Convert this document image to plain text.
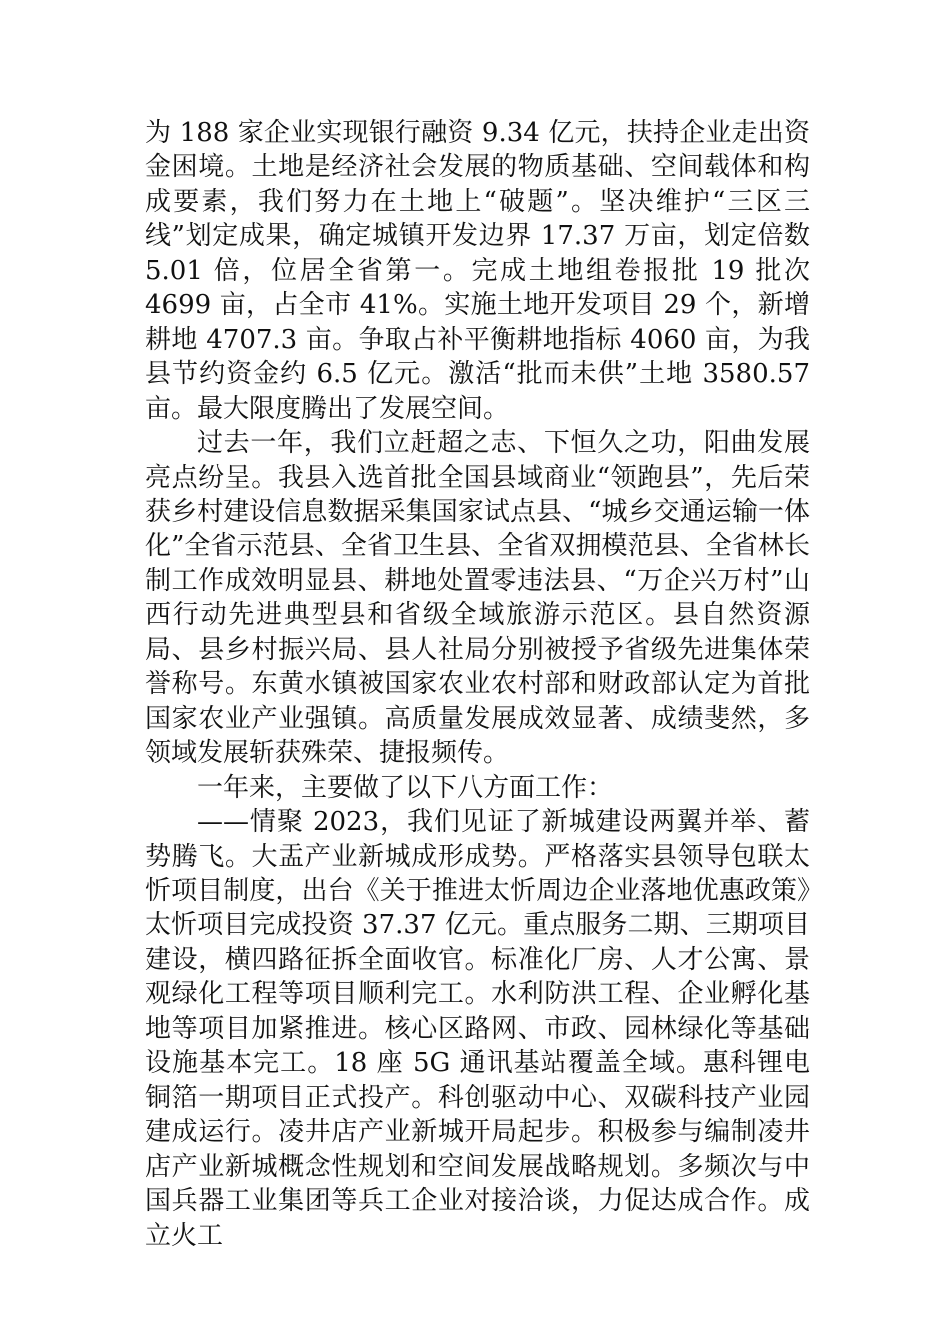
为 188 家企业实现银行融资 9.34 亿元，扶持企业走出资金困境。土地是经济社会发展的物质基础、空间载体和构成要素，我们努力在土地上“破题”。坚决维护“三区三线”划定成果，确定城镇开发边界 17.37 万亩，划定倍数 5.01 倍，位居全省第一。完成土地组卷报批 19 批次 4699 亩，占全市 41%。实施土地开发项目 29 个，新增耕地 4707.3 亩。争取占补平衡耕地指标 4060 亩，为我县节约资金约 6.5 亿元。激活“批而未供”土地 3580.57 亩。最大限度腾出了发展空间。

过去一年，我们立赶超之志、下恒久之功，阳曲发展亮点纷呈。我县入选首批全国县域商业“领跑县”，先后荣获乡村建设信息数据采集国家试点县、“城乡交通运输一体化”全省示范县、全省卫生县、全省双拥模范县、全省林长制工作成效明显县、耕地处置零违法县、“万企兴万村”山西行动先进典型县和省级全域旅游示范区。县自然资源局、县乡村振兴局、县人社局分别被授予省级先进集体荣誉称号。东黄水镇被国家农业农村部和财政部认定为首批国家农业产业强镇。高质量发展成效显著、成绩斐然，多领域发展斩获殊荣、捷报频传。

一年来，主要做了以下八方面工作：

——情聚 2023，我们见证了新城建设两翼并举、蓄势腾飞。大盂产业新城成形成势。严格落实县领导包联太忻项目制度，出台《关于推进太忻周边企业落地优惠政策》太忻项目完成投资 37.37 亿元。重点服务二期、三期项目建设，横四路征拆全面收官。标准化厂房、人才公寓、景观绿化工程等项目顺利完工。水利防洪工程、企业孵化基地等项目加紧推进。核心区路网、市政、园林绿化等基础设施基本完工。18 座 5G 通讯基站覆盖全域。惠科锂电铜箔一期项目正式投产。科创驱动中心、双碳科技产业园建成运行。凌井店产业新城开局起步。积极参与编制凌井店产业新城概念性规划和空间发展战略规划。多频次与中国兵器工业集团等兵工企业对接洽谈，力促达成合作。成立火工
